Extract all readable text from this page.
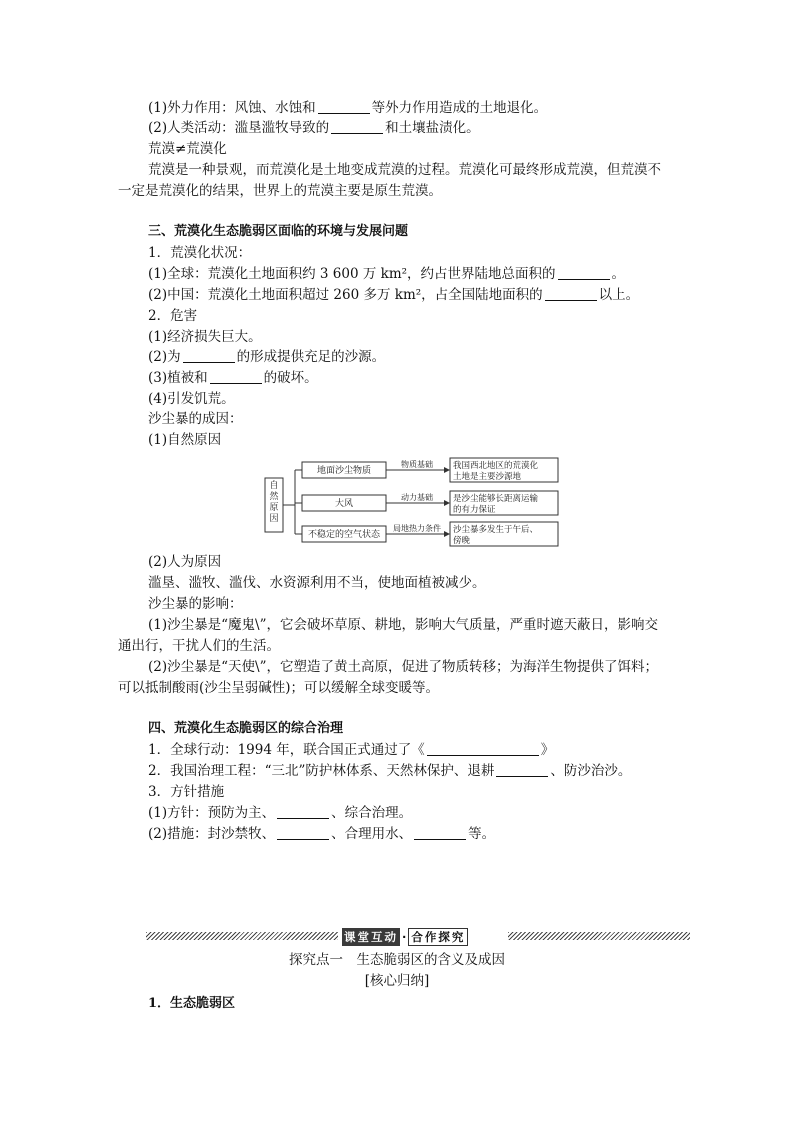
(1)外力作用：风蚀、水蚀和	等外力作用造成的土地退化。
(2)人类活动：滥垦滥牧导致的	和土壤盐渍化。
荒漠≠荒漠化
荒漠是一种景观，而荒漠化是土地变成荒漠的过程。荒漠化可最终形成荒漠，但荒漠不
一定是荒漠化的结果，世界上的荒漠主要是原生荒漠。
三、荒漠化生态脆弱区面临的环境与发展问题
1．荒漠化状况：
(1)全球：荒漠化土地面积约 3 600 万 km²，约占世界陆地总面积的	。
(2)中国：荒漠化土地面积超过 260 多万 km²，占全国陆地面积的	以上。
2．危害
(1)经济损失巨大。
(2)为	的形成提供充足的沙源。
(3)植被和	的破坏。
(4)引发饥荒。
沙尘暴的成因：
(1)自然原因
自然原因
地面沙尘物质
物质基础 我国西北地区的荒漠化
土地是主要沙源地
大风
动力基础 是沙尘能够长距离运输
的有力保证
不稳定的空气状态
局地热力条件 沙尘暴多发生于午后、
傍晚
(2)人为原因
滥垦、滥牧、滥伐、水资源利用不当，使地面植被减少。
沙尘暴的影响：
(1)沙尘暴是“魔鬼\”，它会破坏草原、耕地，影响大气质量，严重时遮天蔽日，影响交
通出行，干扰人们的生活。
(2)沙尘暴是“天使\”，它塑造了黄土高原，促进了物质转移；为海洋生物提供了饵料；
可以抵制酸雨(沙尘呈弱碱性)；可以缓解全球变暖等。
四、荒漠化生态脆弱区的综合治理
1．全球行动：1994 年，联合国正式通过了《	》
2．我国治理工程：“三北”防护林体系、天然林保护、退耕	、防沙治沙。
3．方针措施
(1)方针：预防为主、	、综合治理。
(2)措施：封沙禁牧、	、合理用水、	等。
课堂互动 · 合作探究
探究点一　生态脆弱区的含义及成因
[核心归纳]
1．生态脆弱区
